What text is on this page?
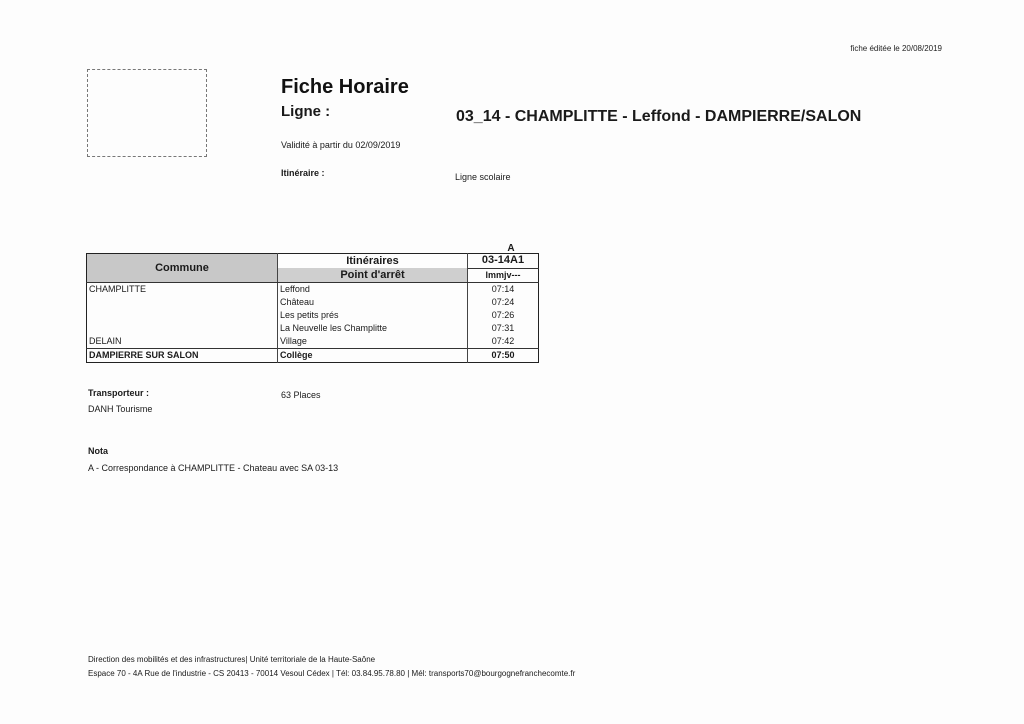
fiche éditée le 20/08/2019
Fiche Horaire
Ligne :	03_14 - CHAMPLITTE - Leffond - DAMPIERRE/SALON
Validité à partir du 02/09/2019
Itinéraire :	Ligne scolaire
A
Commune	Itinéraires	03-14A1
	Point d'arrêt	lmmjv---
CHAMPLITTE	Leffond	07:14
	Château	07:24
	Les petits prés	07:26
	La Neuvelle les Champlitte	07:31
DELAIN	Village	07:42
DAMPIERRE SUR SALON	Collège	07:50
Transporteur :
DANH Tourisme
63 Places
Nota
A - Correspondance à CHAMPLITTE - Chateau avec SA 03-13
Direction des mobilités et des infrastructures| Unité territoriale de la Haute-Saône
Espace 70 - 4A Rue de l'industrie - CS 20413 - 70014 Vesoul Cédex | Tél: 03.84.95.78.80 | Mél: transports70@bourgognefranchecomte.fr
